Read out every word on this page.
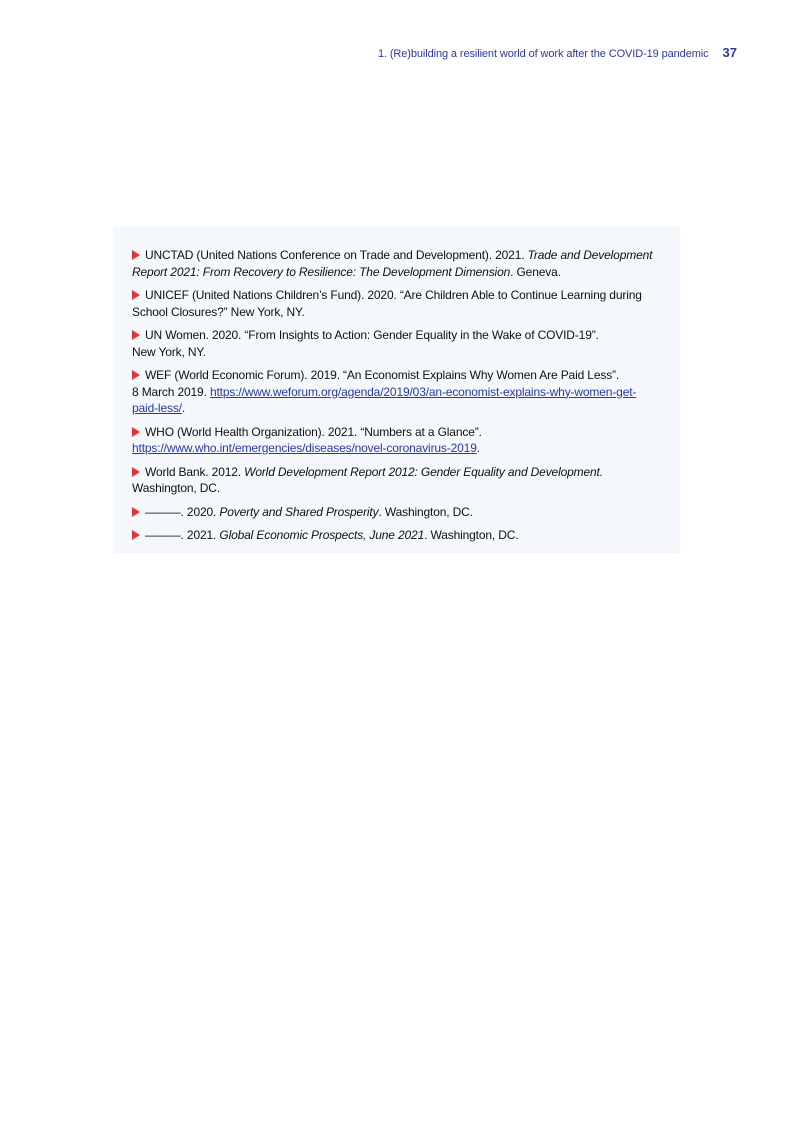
1. (Re)building a resilient world of work after the COVID-19 pandemic 37

UNCTAD (United Nations Conference on Trade and Development). 2021. Trade and Development Report 2021: From Recovery to Resilience: The Development Dimension. Geneva.

UNICEF (United Nations Children’s Fund). 2020. “Are Children Able to Continue Learning during School Closures?” New York, NY.

UN Women. 2020. “From Insights to Action: Gender Equality in the Wake of COVID-19”.
New York, NY.

WEF (World Economic Forum). 2019. “An Economist Explains Why Women Are Paid Less”.
8 March 2019. https://www.weforum.org/agenda/2019/03/an-economist-explains-why-women-get-paid-less/.

WHO (World Health Organization). 2021. “Numbers at a Glance”. https://www.who.int/emergencies/diseases/novel-coronavirus-2019.

World Bank. 2012. World Development Report 2012: Gender Equality and Development.
Washington, DC.

———. 2020. Poverty and Shared Prosperity. Washington, DC.

———. 2021. Global Economic Prospects, June 2021. Washington, DC.
